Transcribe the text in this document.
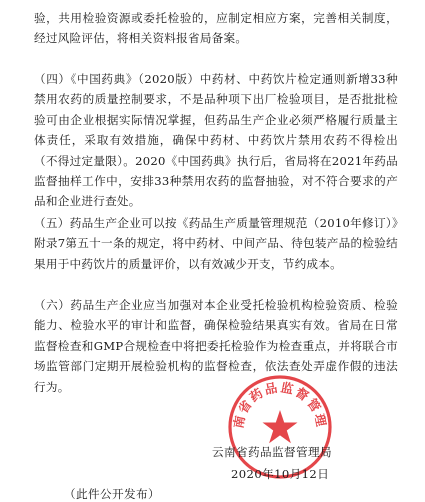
验，共用检验资源或委托检验的，应制定相应方案，完善相关制度，经过风险评估，将相关资料报省局备案。

（四）《中国药典》（2020版）中药材、中药饮片检定通则新增33种禁用农药的质量控制要求，不是品种项下出厂检验项目，是否批批检验可由企业根据实际情况掌握，但药品生产企业必须严格履行质量主体责任，采取有效措施，确保中药材、中药饮片禁用农药不得检出（不得过定量限）。2020《中国药典》执行后，省局将在2021年药品监督抽样工作中，安排33种禁用农药的监督抽验，对不符合要求的产品和企业进行查处。

（五）药品生产企业可以按《药品生产质量管理规范（2010年修订）》附录7第五十一条的规定，将中药材、中间产品、待包装产品的检验结果用于中药饮片的质量评价，以有效减少开支，节约成本。

（六）药品生产企业应当加强对本企业受托检验机构检验资质、检验能力、检验水平的审计和监督，确保检验结果真实有效。省局在日常监督检查和GMP合规检查中将把委托检验作为检查重点，并将联合市场监管部门定期开展检验机构的监督检查，依法查处弄虚作假的违法行为。

南省药品监督管理
云南省药品监督管理局
2020年10月12日
（此件公开发布）
